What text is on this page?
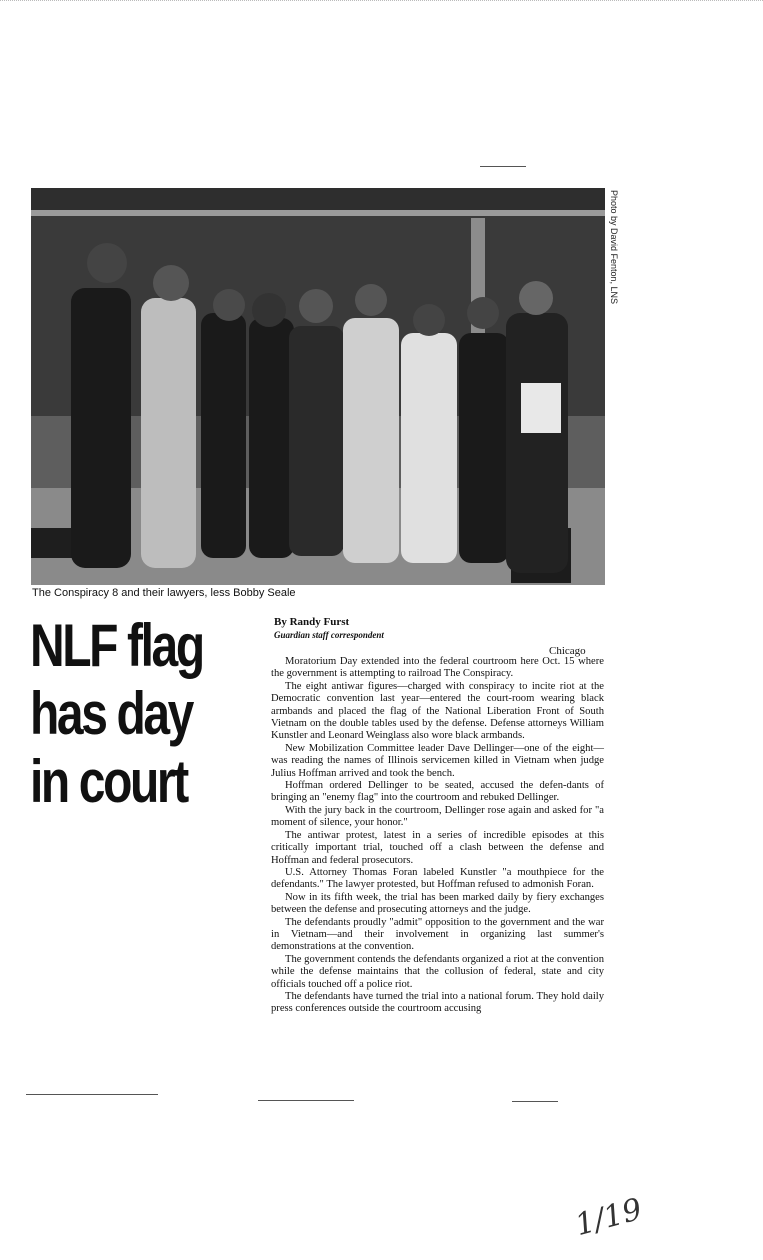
Photo by David Fenton, LNS
The Conspiracy 8 and their lawyers, less Bobby Seale
NLF flag
has day
in court
By Randy Furst
Guardian staff correspondent
Chicago

Moratorium Day extended into the federal courtroom here Oct. 15 where the government is attempting to railroad The Conspiracy.

The eight antiwar figures—charged with conspiracy to incite riot at the Democratic convention last year—entered the court-room wearing black armbands and placed the flag of the National Liberation Front of South Vietnam on the double tables used by the defense. Defense attorneys William Kunstler and Leonard Weinglass also wore black armbands.

New Mobilization Committee leader Dave Dellinger—one of the eight—was reading the names of Illinois servicemen killed in Vietnam when judge Julius Hoffman arrived and took the bench.

Hoffman ordered Dellinger to be seated, accused the defen-dants of bringing an "enemy flag" into the courtroom and rebuked Dellinger.

With the jury back in the courtroom, Dellinger rose again and asked for "a moment of silence, your honor."

The antiwar protest, latest in a series of incredible episodes at this critically important trial, touched off a clash between the defense and Hoffman and federal prosecutors.

U.S. Attorney Thomas Foran labeled Kunstler "a mouthpiece for the defendants." The lawyer protested, but Hoffman refused to admonish Foran.

Now in its fifth week, the trial has been marked daily by fiery exchanges between the defense and prosecuting attorneys and the judge.

The defendants proudly "admit" opposition to the government and the war in Vietnam—and their involvement in organizing last summer's demonstrations at the convention.

The government contends the defendants organized a riot at the convention while the defense maintains that the collusion of federal, state and city officials touched off a police riot.

The defendants have turned the trial into a national forum. They hold daily press conferences outside the courtroom accusing

1/19
